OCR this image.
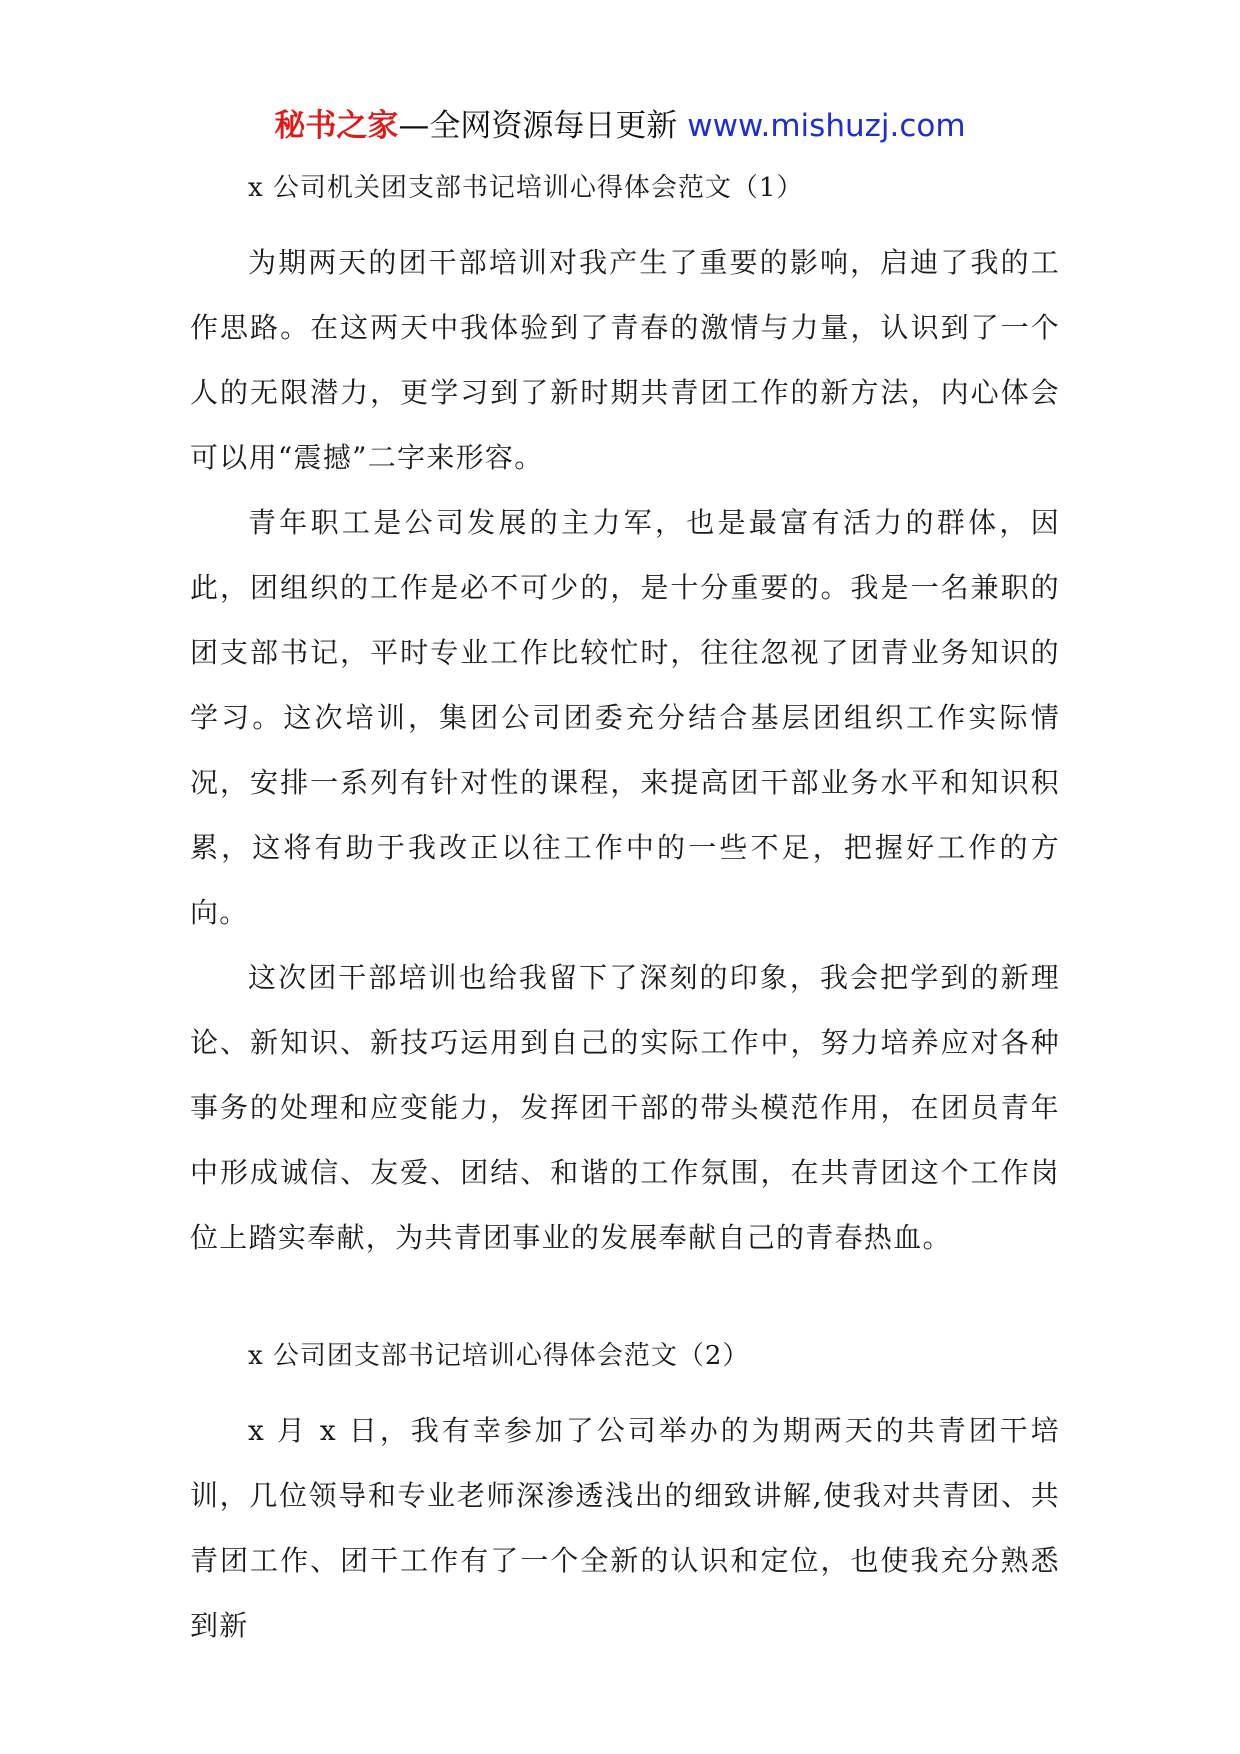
秘书之家—全网资源每日更新 www.mishuzj.com
x 公司机关团支部书记培训心得体会范文（1）

为期两天的团干部培训对我产生了重要的影响，启迪了我的工作思路。在这两天中我体验到了青春的激情与力量，认识到了一个人的无限潜力，更学习到了新时期共青团工作的新方法，内心体会可以用“震撼”二字来形容。

青年职工是公司发展的主力军，也是最富有活力的群体，因此，团组织的工作是必不可少的，是十分重要的。我是一名兼职的团支部书记，平时专业工作比较忙时，往往忽视了团青业务知识的学习。这次培训，集团公司团委充分结合基层团组织工作实际情况，安排一系列有针对性的课程，来提高团干部业务水平和知识积累，这将有助于我改正以往工作中的一些不足，把握好工作的方向。

这次团干部培训也给我留下了深刻的印象，我会把学到的新理论、新知识、新技巧运用到自己的实际工作中，努力培养应对各种事务的处理和应变能力，发挥团干部的带头模范作用，在团员青年中形成诚信、友爱、团结、和谐的工作氛围，在共青团这个工作岗位上踏实奉献，为共青团事业的发展奉献自己的青春热血。

x 公司团支部书记培训心得体会范文（2）

x 月 x 日，我有幸参加了公司举办的为期两天的共青团干培训，几位领导和专业老师深渗透浅出的细致讲解,使我对共青团、共青团工作、团干工作有了一个全新的认识和定位，也使我充分熟悉到新
